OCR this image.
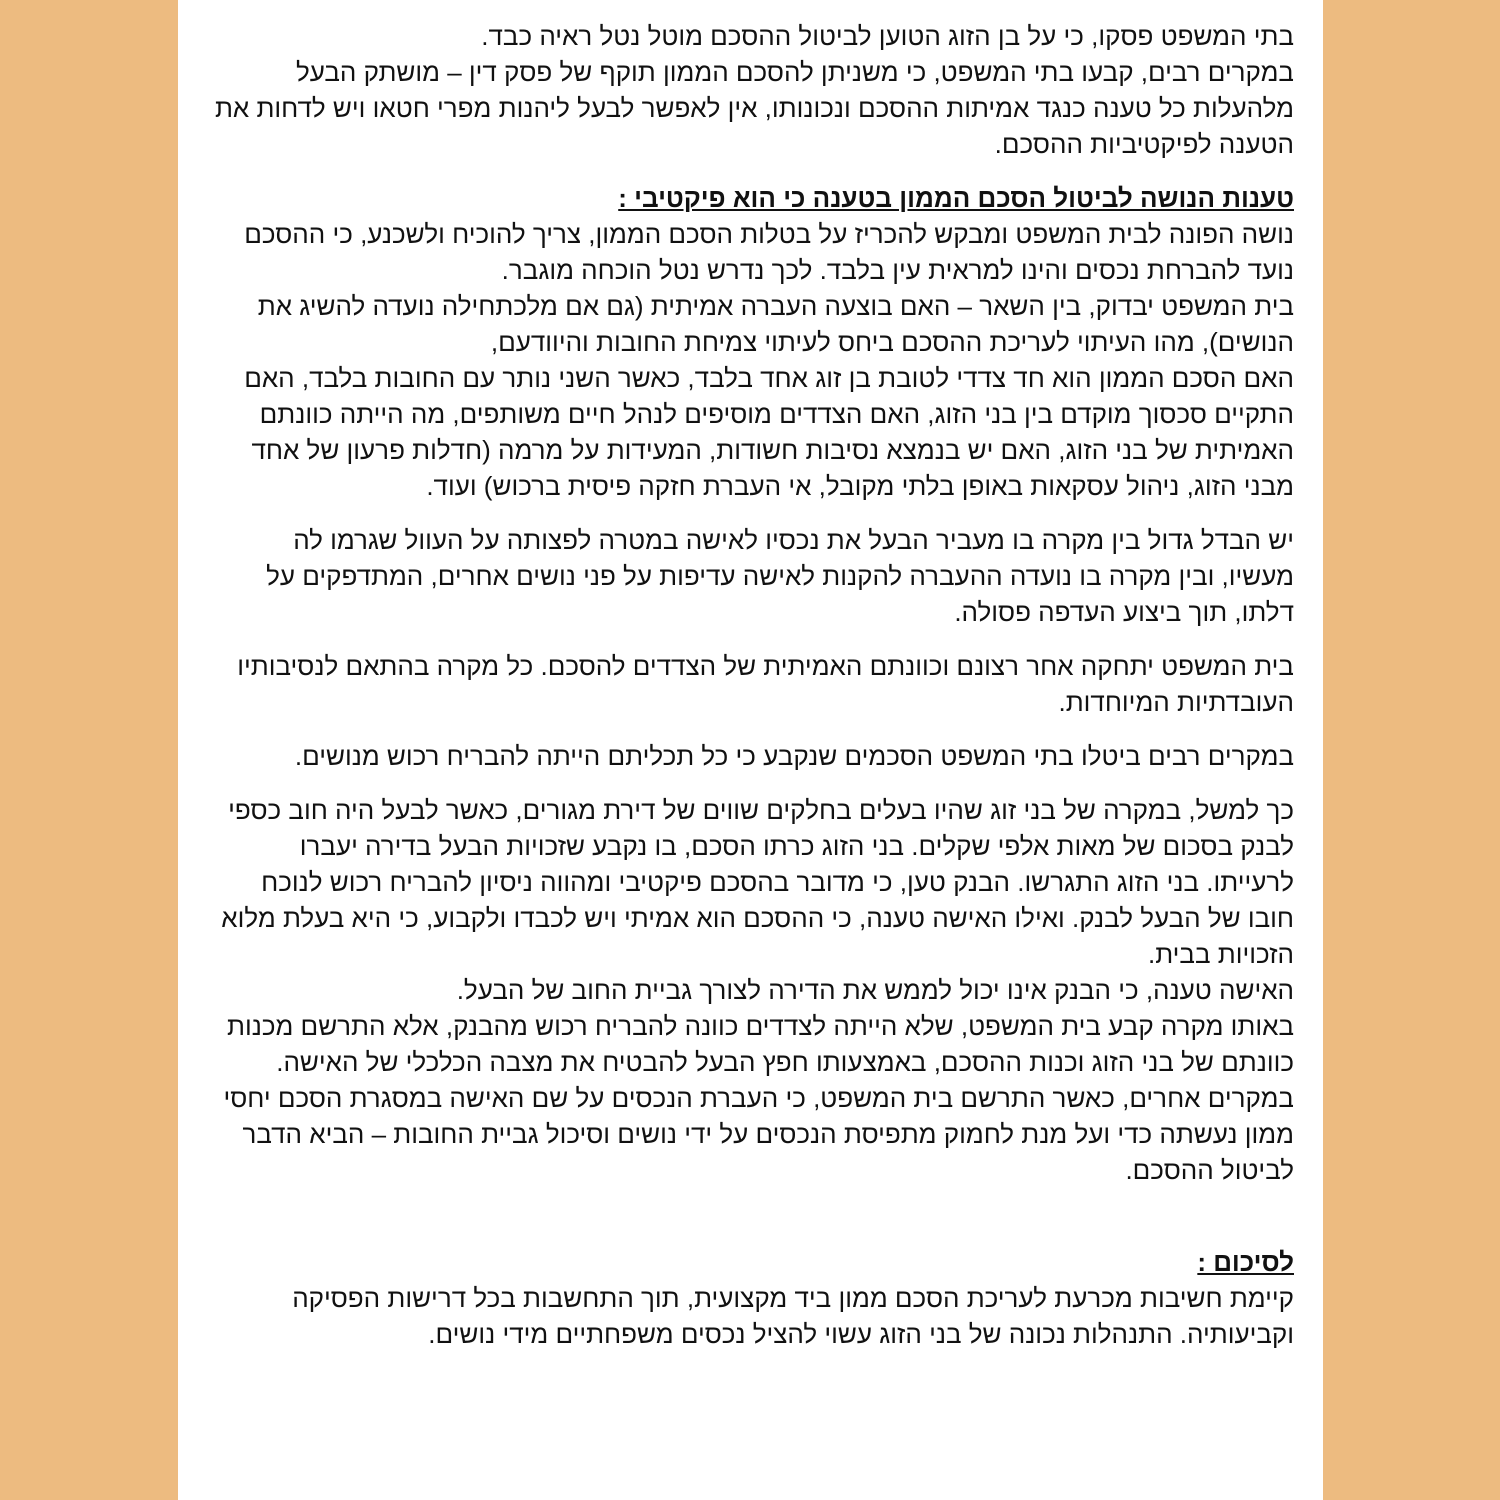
בתי המשפט פסקו, כי על בן הזוג הטוען לביטול ההסכם מוטל נטל ראיה כבד.

במקרים רבים, קבעו בתי המשפט, כי משניתן להסכם הממון תוקף של פסק דין – מושתק הבעל מלהעלות כל טענה כנגד אמיתות ההסכם ונכונותו, אין לאפשר לבעל ליהנות מפרי חטאו ויש לדחות את הטענה לפיקטיביות ההסכם.

טענות הנושה לביטול הסכם הממון בטענה כי הוא פיקטיבי :

נושה הפונה לבית המשפט ומבקש להכריז על בטלות הסכם הממון, צריך להוכיח ולשכנע, כי ההסכם נועד להברחת נכסים והינו למראית עין בלבד. לכך נדרש נטל הוכחה מוגבר.

בית המשפט יבדוק, בין השאר – האם בוצעה העברה אמיתית (גם אם מלכתחילה נועדה להשיג את הנושים), מהו העיתוי לעריכת ההסכם ביחס לעיתוי צמיחת החובות והיוודעם,

האם הסכם הממון הוא חד צדדי לטובת בן זוג אחד בלבד, כאשר השני נותר עם החובות בלבד, האם התקיים סכסוך מוקדם בין בני הזוג, האם הצדדים מוסיפים לנהל חיים משותפים, מה הייתה כוונתם האמיתית של בני הזוג, האם יש בנמצא נסיבות חשודות, המעידות על מרמה (חדלות פרעון של אחד מבני הזוג, ניהול עסקאות באופן בלתי מקובל, אי העברת חזקה פיסית ברכוש) ועוד.

יש הבדל גדול בין מקרה בו מעביר הבעל את נכסיו לאישה במטרה לפצותה על העוול שגרמו לה מעשיו, ובין מקרה בו נועדה ההעברה להקנות לאישה עדיפות על פני נושים אחרים, המתדפקים על דלתו, תוך ביצוע העדפה פסולה.

בית המשפט יתחקה אחר רצונם וכוונתם האמיתית של הצדדים להסכם. כל מקרה בהתאם לנסיבותיו העובדתיות המיוחדות.

במקרים רבים ביטלו בתי המשפט הסכמים שנקבע כי כל תכליתם הייתה להבריח רכוש מנושים.

כך למשל, במקרה של בני זוג שהיו בעלים בחלקים שווים של דירת מגורים, כאשר לבעל היה חוב כספי לבנק בסכום של מאות אלפי שקלים. בני הזוג כרתו הסכם, בו נקבע שזכויות הבעל בדירה יעברו לרעייתו. בני הזוג התגרשו. הבנק טען, כי מדובר בהסכם פיקטיבי ומהווה ניסיון להבריח רכוש לנוכח חובו של הבעל לבנק. ואילו האישה טענה, כי ההסכם הוא אמיתי ויש לכבדו ולקבוע, כי היא בעלת מלוא הזכויות בבית.

האישה טענה, כי הבנק אינו יכול לממש את הדירה לצורך גביית החוב של הבעל.

באותו מקרה קבע בית המשפט, שלא הייתה לצדדים כוונה להבריח רכוש מהבנק, אלא התרשם מכנות כוונתם של בני הזוג וכנות ההסכם, באמצעותו חפץ הבעל להבטיח את מצבה הכלכלי של האישה.

במקרים אחרים, כאשר התרשם בית המשפט, כי העברת הנכסים על שם האישה במסגרת הסכם יחסי ממון נעשתה כדי ועל מנת לחמוק מתפיסת הנכסים על ידי נושים וסיכול גביית החובות – הביא הדבר לביטול ההסכם.

לסיכום :

קיימת חשיבות מכרעת לעריכת הסכם ממון ביד מקצועית, תוך התחשבות בכל דרישות הפסיקה וקביעותיה. התנהלות נכונה של בני הזוג עשוי להציל נכסים משפחתיים מידי נושים.
